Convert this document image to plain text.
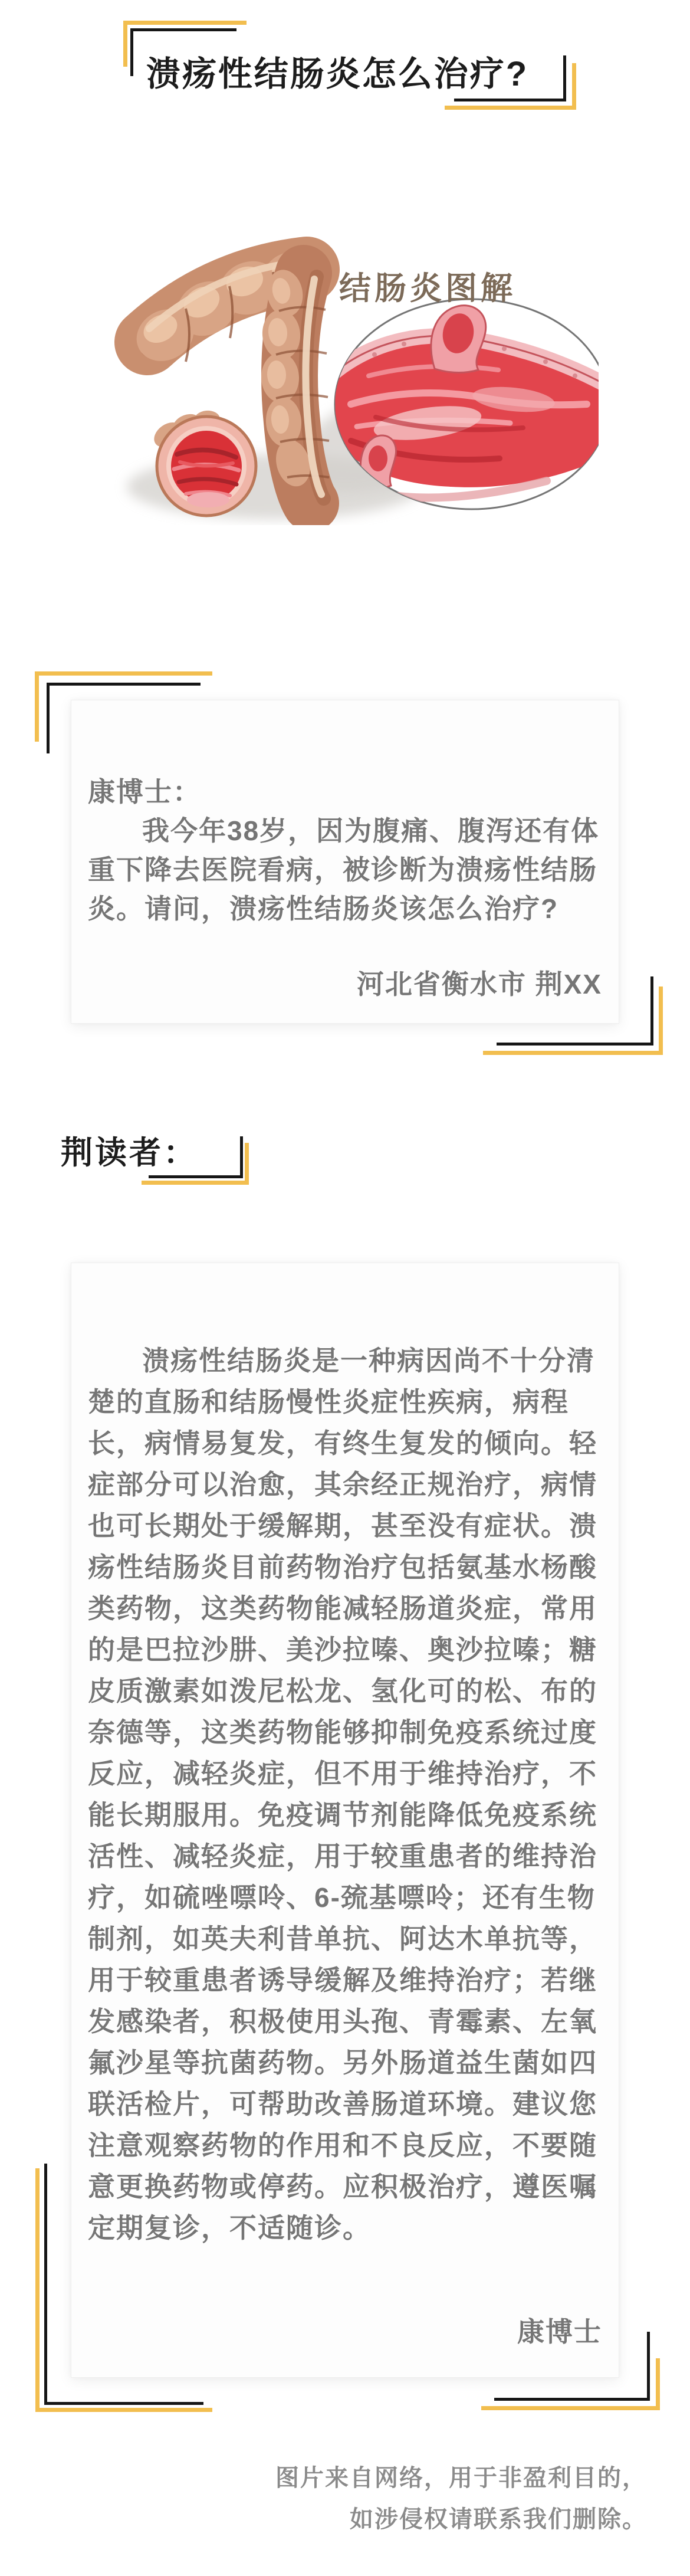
溃疡性结肠炎怎么治疗?
结肠炎图解
康博士：
我今年38岁，因为腹痛、腹泻还有体
重下降去医院看病，被诊断为溃疡性结肠
炎。请问，溃疡性结肠炎该怎么治疗?
河北省衡水市 荆XX
荆读者：
溃疡性结肠炎是一种病因尚不十分清
楚的直肠和结肠慢性炎症性疾病，病程
长，病情易复发，有终生复发的倾向。轻
症部分可以治愈，其余经正规治疗，病情
也可长期处于缓解期，甚至没有症状。溃
疡性结肠炎目前药物治疗包括氨基水杨酸
类药物，这类药物能减轻肠道炎症，常用
的是巴拉沙肼、美沙拉嗪、奥沙拉嗪；糖
皮质激素如泼尼松龙、氢化可的松、布的
奈德等，这类药物能够抑制免疫系统过度
反应，减轻炎症，但不用于维持治疗，不
能长期服用。免疫调节剂能降低免疫系统
活性、减轻炎症，用于较重患者的维持治
疗，如硫唑嘌呤、6-巯基嘌呤；还有生物
制剂，如英夫利昔单抗、阿达木单抗等，
用于较重患者诱导缓解及维持治疗；若继
发感染者，积极使用头孢、青霉素、左氧
氟沙星等抗菌药物。另外肠道益生菌如四
联活检片，可帮助改善肠道环境。建议您
注意观察药物的作用和不良反应，不要随
意更换药物或停药。应积极治疗，遵医嘱
定期复诊，不适随诊。
康博士
图片来自网络，用于非盈利目的，
如涉侵权请联系我们删除。
